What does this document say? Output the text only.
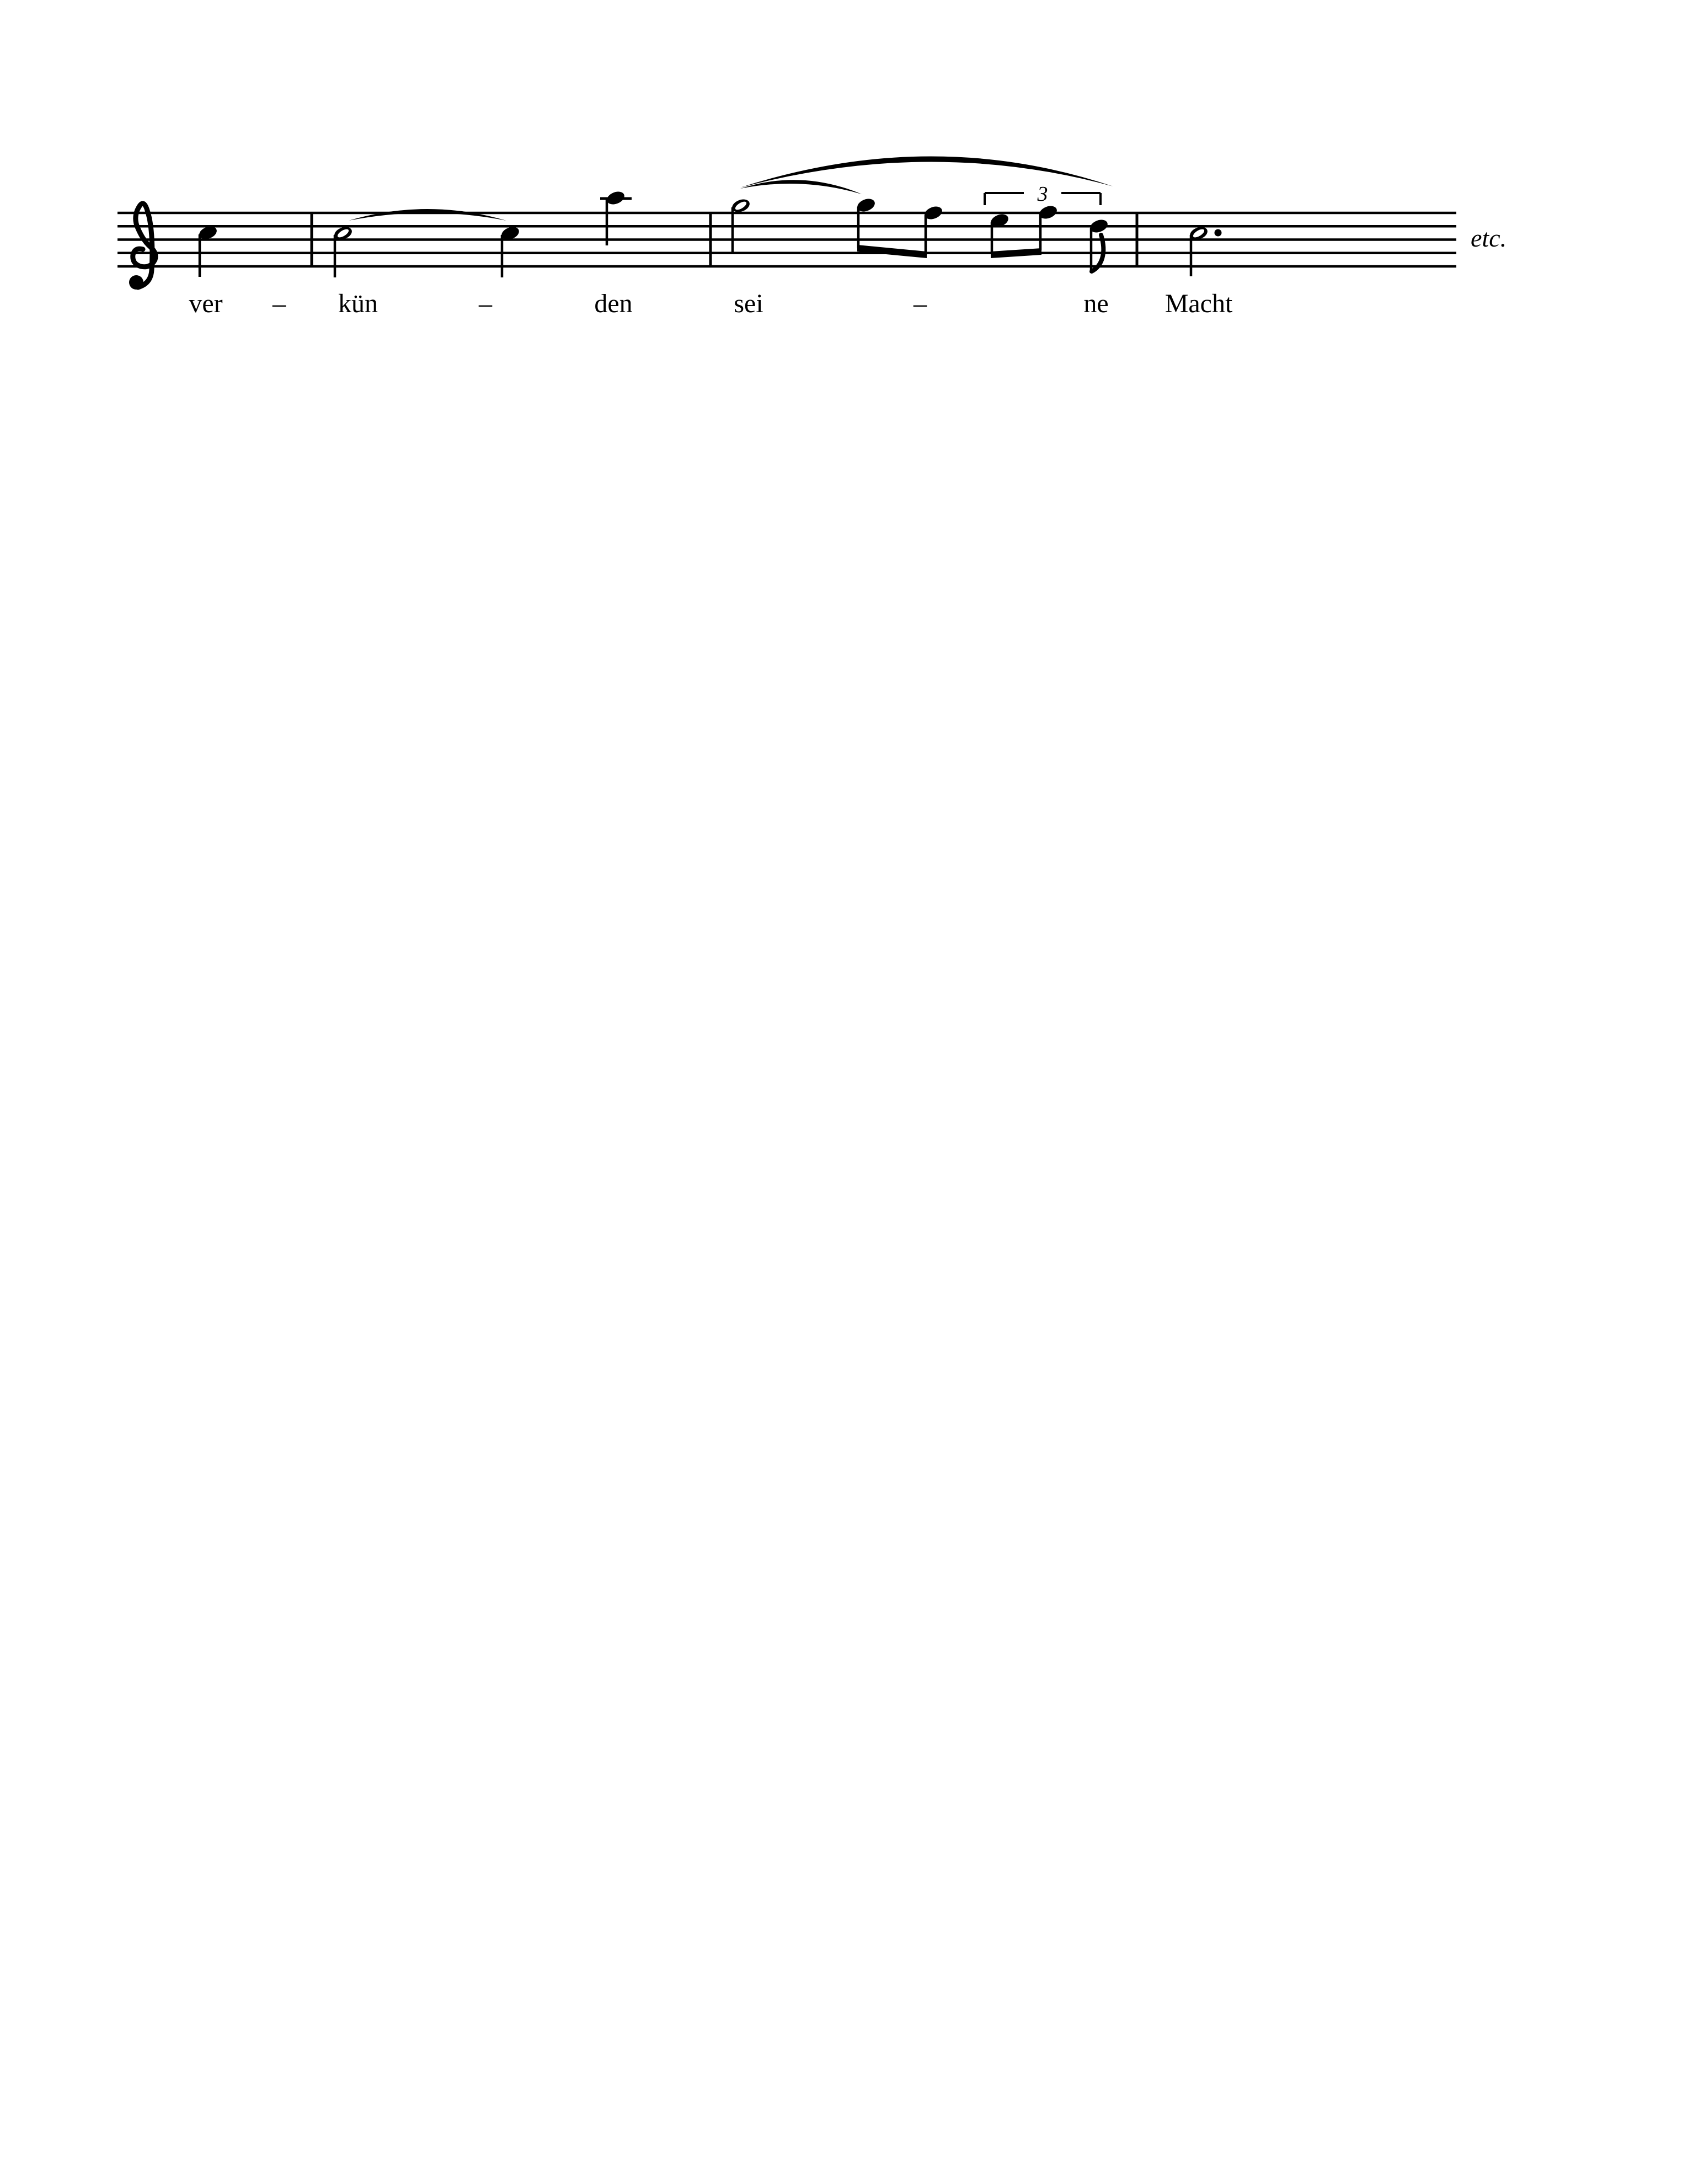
3
etc.
ver – kün	–	den	sei	–	ne Macht
